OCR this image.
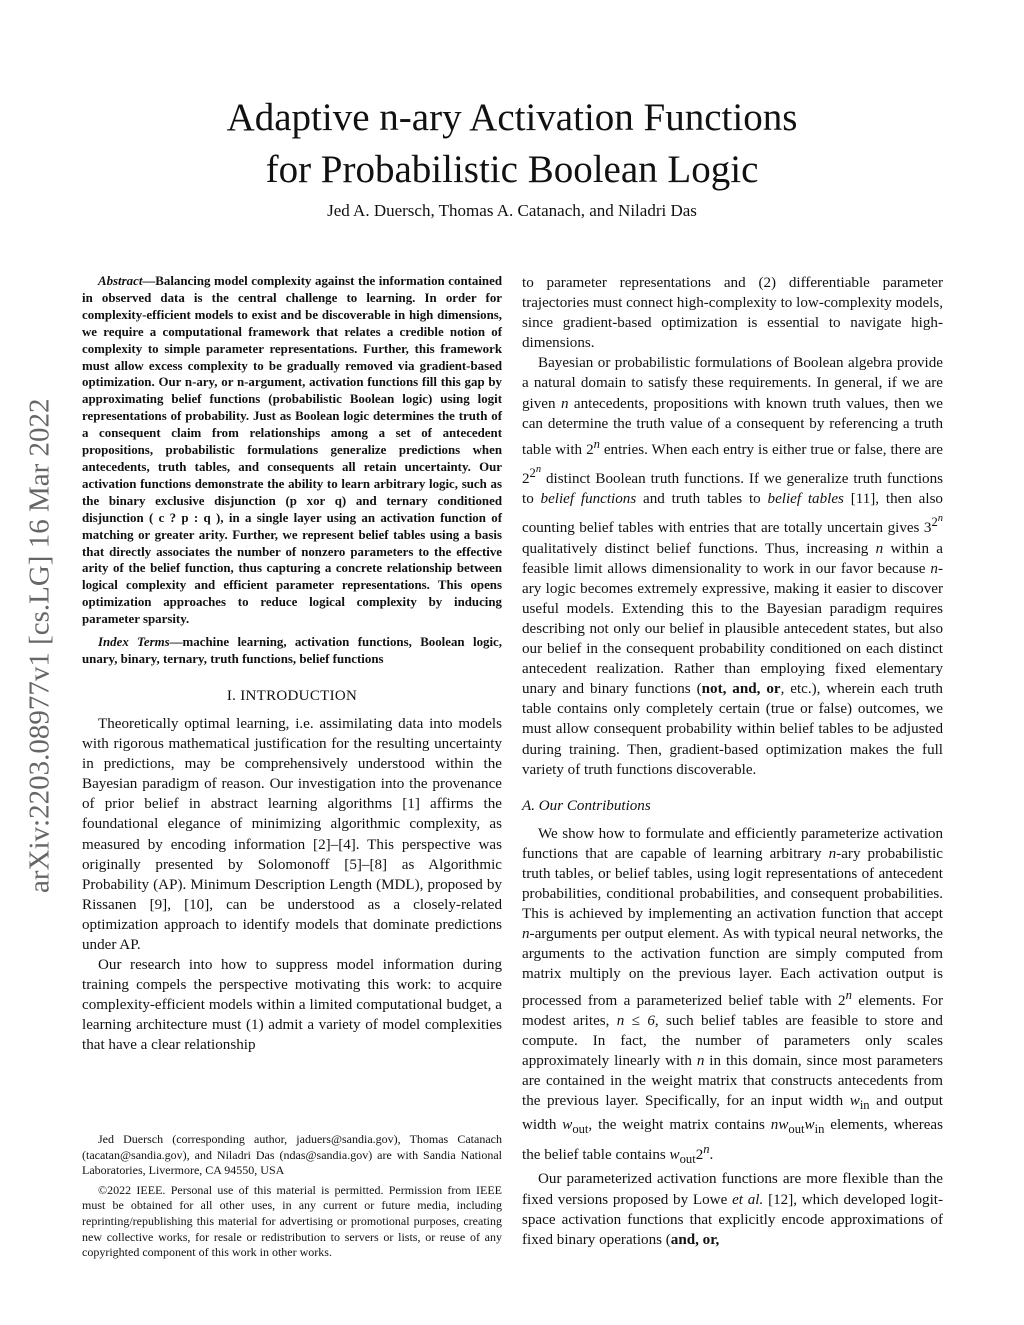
Adaptive n-ary Activation Functions
for Probabilistic Boolean Logic
Jed A. Duersch, Thomas A. Catanach, and Niladri Das
arXiv:2203.08977v1 [cs.LG] 16 Mar 2022

Abstract—Balancing model complexity against the information contained in observed data is the central challenge to learning. In order for complexity-efficient models to exist and be discoverable in high dimensions, we require a computational framework that relates a credible notion of complexity to simple parameter representations. Further, this framework must allow excess complexity to be gradually removed via gradient-based optimization. Our n-ary, or n-argument, activation functions fill this gap by approximating belief functions (probabilistic Boolean logic) using logit representations of probability. Just as Boolean logic determines the truth of a consequent claim from relationships among a set of antecedent propositions, probabilistic formulations generalize predictions when antecedents, truth tables, and consequents all retain uncertainty. Our activation functions demonstrate the ability to learn arbitrary logic, such as the binary exclusive disjunction (p xor q) and ternary conditioned disjunction ( c ? p : q ), in a single layer using an activation function of matching or greater arity. Further, we represent belief tables using a basis that directly associates the number of nonzero parameters to the effective arity of the belief function, thus capturing a concrete relationship between logical complexity and efficient parameter representations. This opens optimization approaches to reduce logical complexity by inducing parameter sparsity.

Index Terms—machine learning, activation functions, Boolean logic, unary, binary, ternary, truth functions, belief functions

I. INTRODUCTION

Theoretically optimal learning, i.e. assimilating data into models with rigorous mathematical justification for the resulting uncertainty in predictions, may be comprehensively understood within the Bayesian paradigm of reason. Our investigation into the provenance of prior belief in abstract learning algorithms [1] affirms the foundational elegance of minimizing algorithmic complexity, as measured by encoding information [2]–[4]. This perspective was originally presented by Solomonoff [5]–[8] as Algorithmic Probability (AP). Minimum Description Length (MDL), proposed by Rissanen [9], [10], can be understood as a closely-related optimization approach to identify models that dominate predictions under AP.

Our research into how to suppress model information during training compels the perspective motivating this work: to acquire complexity-efficient models within a limited computational budget, a learning architecture must (1) admit a variety of model complexities that have a clear relationship

Jed Duersch (corresponding author, jaduers@sandia.gov), Thomas Catanach (tacatan@sandia.gov), and Niladri Das (ndas@sandia.gov) are with Sandia National Laboratories, Livermore, CA 94550, USA

©2022 IEEE. Personal use of this material is permitted. Permission from IEEE must be obtained for all other uses, in any current or future media, including reprinting/republishing this material for advertising or promotional purposes, creating new collective works, for resale or redistribution to servers or lists, or reuse of any copyrighted component of this work in other works.

to parameter representations and (2) differentiable parameter trajectories must connect high-complexity to low-complexity models, since gradient-based optimization is essential to navigate high-dimensions.

Bayesian or probabilistic formulations of Boolean algebra provide a natural domain to satisfy these requirements. In general, if we are given n antecedents, propositions with known truth values, then we can determine the truth value of a consequent by referencing a truth table with 2$^n$ entries. When each entry is either true or false, there are $2^{2^n}$ distinct Boolean truth functions. If we generalize truth functions to belief functions and truth tables to belief tables [11], then also counting belief tables with entries that are totally uncertain gives $3^{2^n}$ qualitatively distinct belief functions. Thus, increasing n within a feasible limit allows dimensionality to work in our favor because n-ary logic becomes extremely expressive, making it easier to discover useful models. Extending this to the Bayesian paradigm requires describing not only our belief in plausible antecedent states, but also our belief in the consequent probability conditioned on each distinct antecedent realization. Rather than employing fixed elementary unary and binary functions (not, and, or, etc.), wherein each truth table contains only completely certain (true or false) outcomes, we must allow consequent probability within belief tables to be adjusted during training. Then, gradient-based optimization makes the full variety of truth functions discoverable.

A. Our Contributions

We show how to formulate and efficiently parameterize activation functions that are capable of learning arbitrary n-ary probabilistic truth tables, or belief tables, using logit representations of antecedent probabilities, conditional probabilities, and consequent probabilities. This is achieved by implementing an activation function that accept n-arguments per output element. As with typical neural networks, the arguments to the activation function are simply computed from matrix multiply on the previous layer. Each activation output is processed from a parameterized belief table with 2$^n$ elements. For modest arites, n ≤ 6, such belief tables are feasible to store and compute. In fact, the number of parameters only scales approximately linearly with n in this domain, since most parameters are contained in the weight matrix that constructs antecedents from the previous layer. Specifically, for an input width $w_{in}$ and output width $w_{out}$, the weight matrix contains $nw_{out}w_{in}$ elements, whereas the belief table contains $w_{out}2^n$.

Our parameterized activation functions are more flexible than the fixed versions proposed by Lowe et al. [12], which developed logit-space activation functions that explicitly encode approximations of fixed binary operations (and, or,
